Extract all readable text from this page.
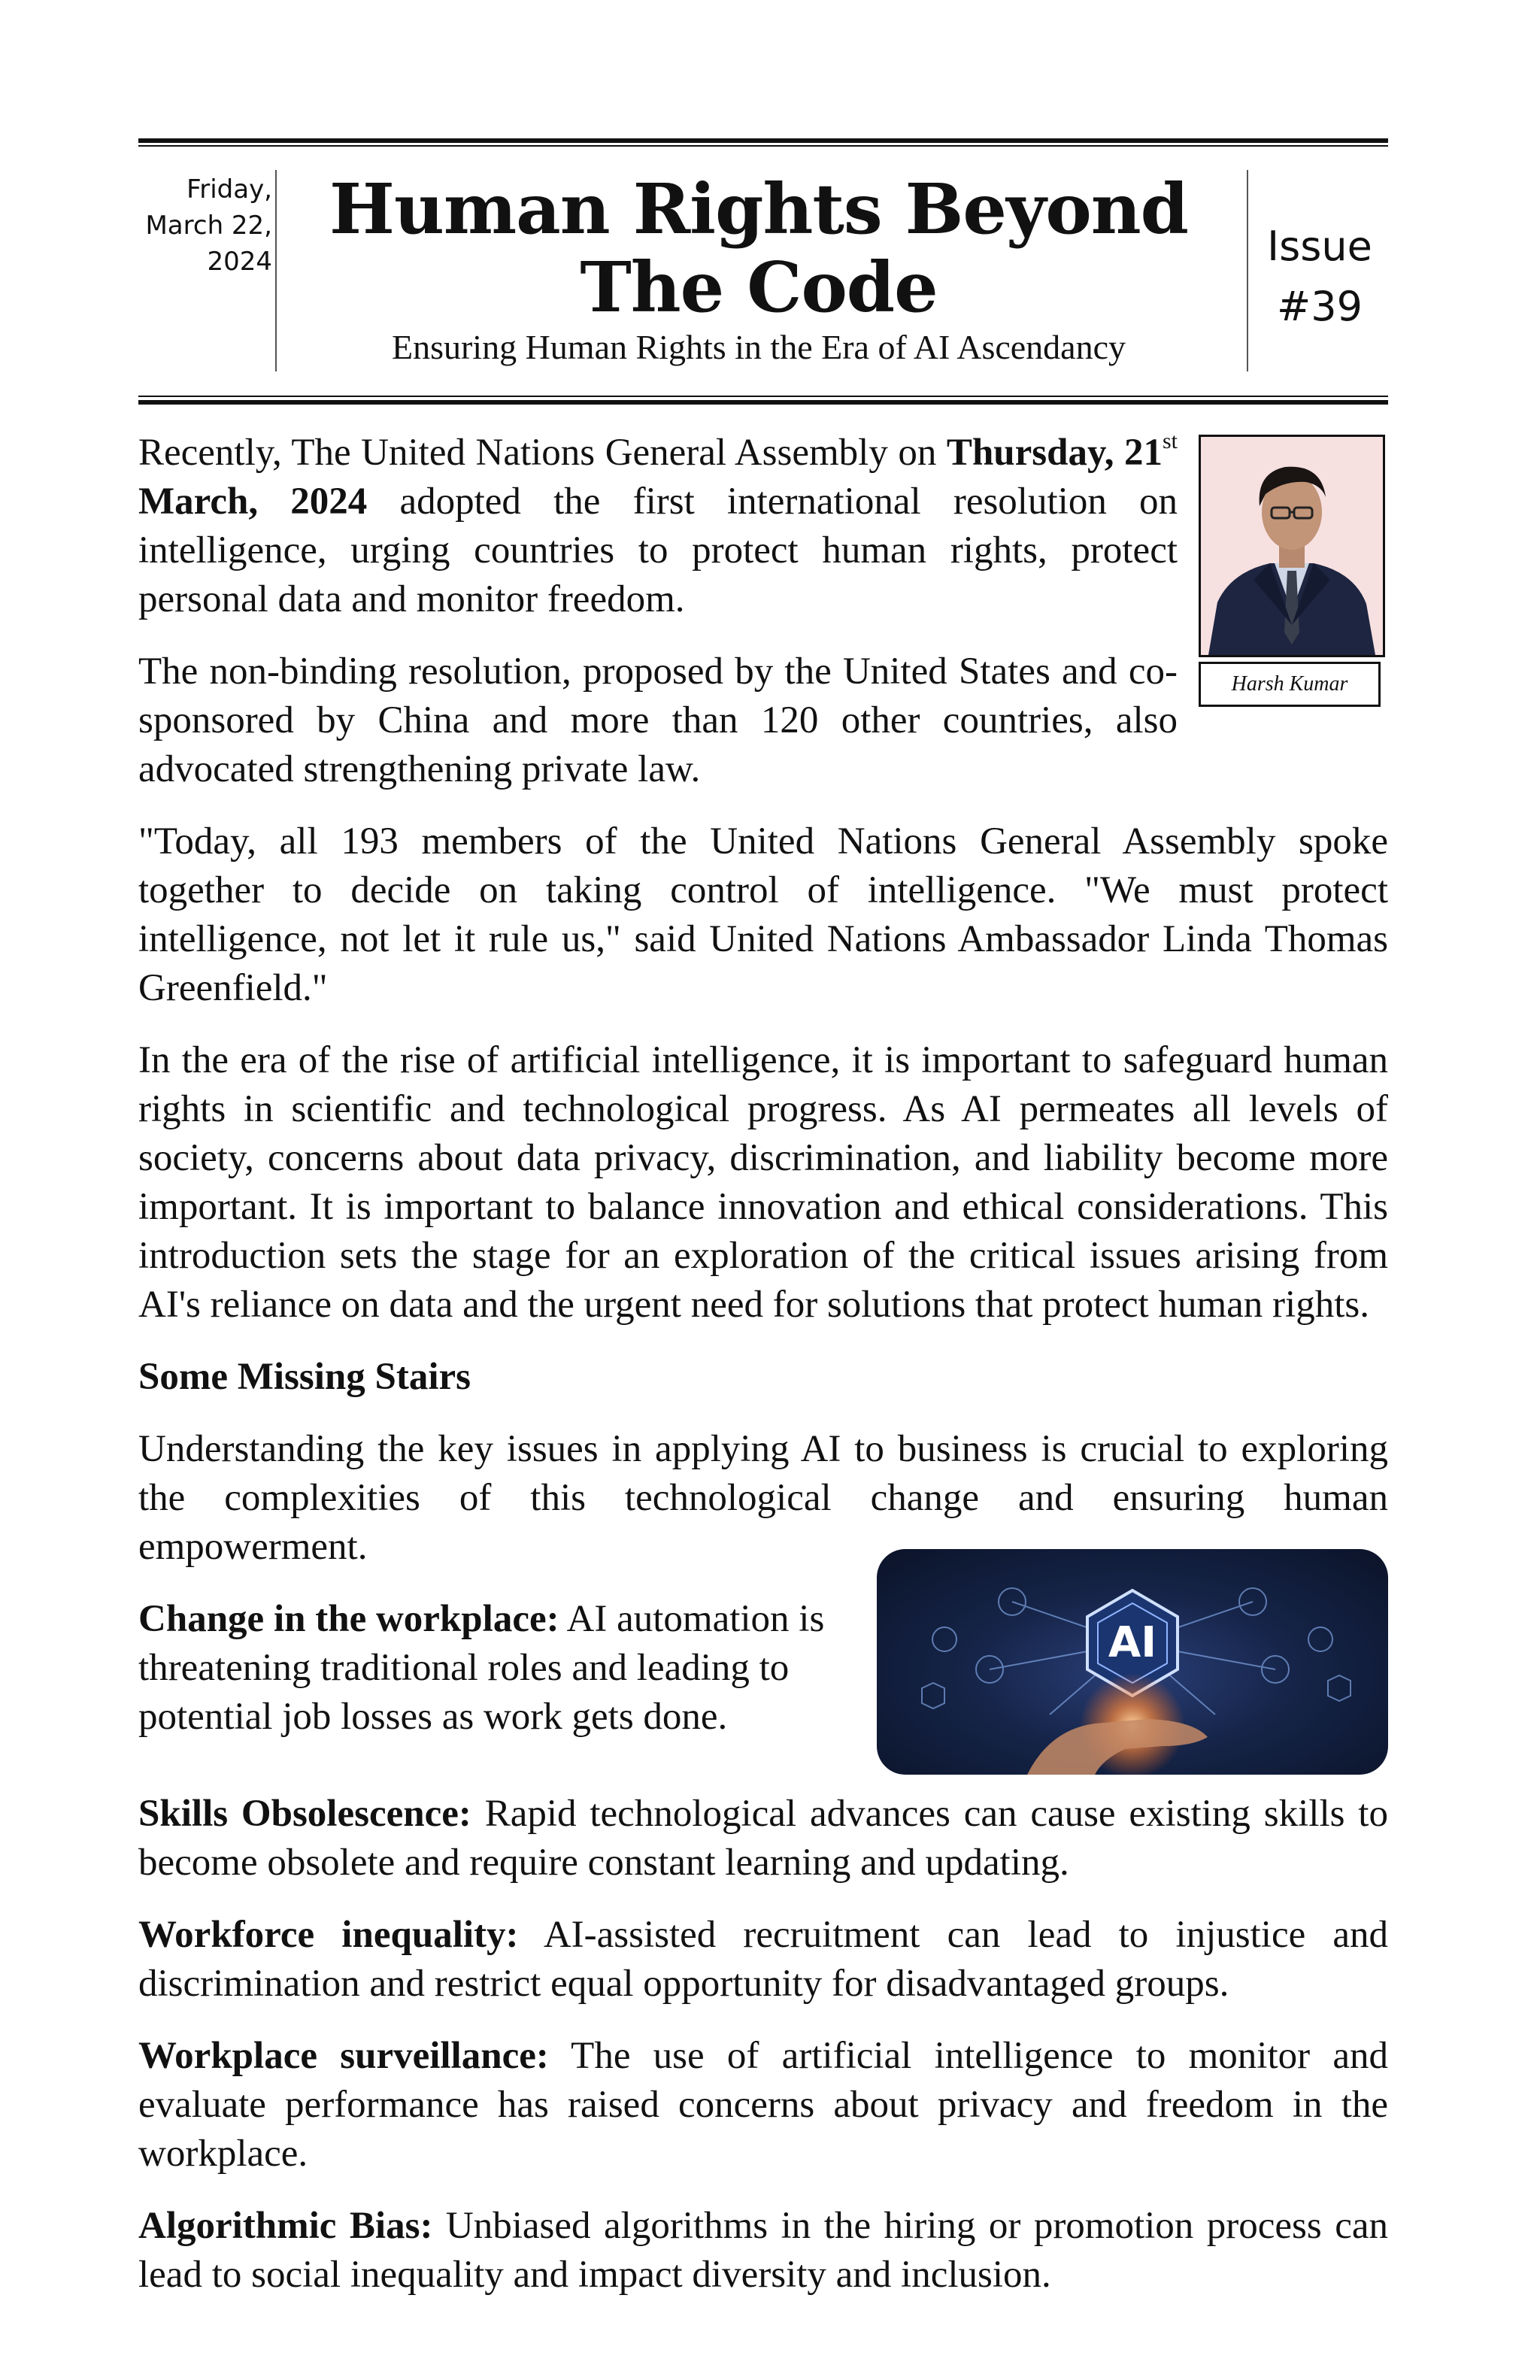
Friday,
March 22,
2024
Human Rights Beyond
The Code
Ensuring Human Rights in the Era of AI Ascendancy
Issue
#39
Harsh Kumar

Recently, The United Nations General Assembly on Thursday, 21st March, 2024 adopted the first international resolution on intelligence, urging countries to protect human rights, protect personal data and monitor freedom.

The non-binding resolution, proposed by the United States and co-sponsored by China and more than 120 other countries, also advocated strengthening private law.

"Today, all 193 members of the United Nations General Assembly spoke together to decide on taking control of intelligence. "We must protect intelligence, not let it rule us," said United Nations Ambassador Linda Thomas Greenfield."

In the era of the rise of artificial intelligence, it is important to safeguard human rights in scientific and technological progress. As AI permeates all levels of society, concerns about data privacy, discrimination, and liability become more important. It is important to balance innovation and ethical considerations. This introduction sets the stage for an exploration of the critical issues arising from AI's reliance on data and the urgent need for solutions that protect human rights.

Some Missing Stairs

Understanding the key issues in applying AI to business is crucial to exploring the complexities of this technological change and ensuring human empowerment.

AI

Change in the workplace: AI automation is threatening traditional roles and leading to potential job losses as work gets done.

Skills Obsolescence: Rapid technological advances can cause existing skills to become obsolete and require constant learning and updating.

Workforce inequality: AI-assisted recruitment can lead to injustice and discrimination and restrict equal opportunity for disadvantaged groups.

Workplace surveillance: The use of artificial intelligence to monitor and evaluate performance has raised concerns about privacy and freedom in the workplace.

Algorithmic Bias: Unbiased algorithms in the hiring or promotion process can lead to social inequality and impact diversity and inclusion.
